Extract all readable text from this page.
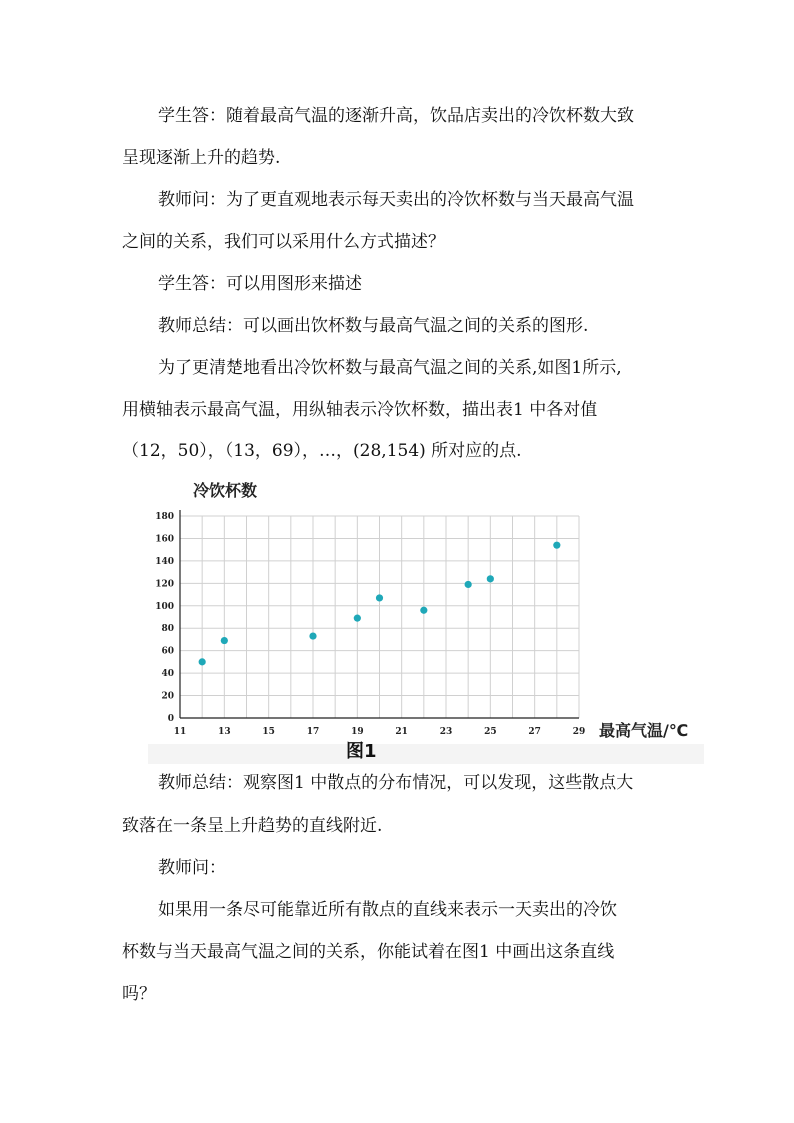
学生答：随着最高气温的逐渐升高，饮品店卖出的冷饮杯数大致
呈现逐渐上升的趋势.
教师问：为了更直观地表示每天卖出的冷饮杯数与当天最高气温
之间的关系，我们可以采用什么方式描述？
学生答：可以用图形来描述
教师总结：可以画出饮杯数与最高气温之间的关系的图形.
为了更清楚地看出冷饮杯数与最高气温之间的关系,如图1所示,
用横轴表示最高气温，用纵轴表示冷饮杯数，描出表1 中各对值
（12，50），（13，69），…，(28,154) 所对应的点.
0
20
40
60
80
100
120
140
160
180
11	13	15	17	19	21	23	25	27	29
冷饮杯数
最高气温/℃
图1
教师总结：观察图1 中散点的分布情况，可以发现，这些散点大
致落在一条呈上升趋势的直线附近.
教师问：
如果用一条尽可能靠近所有散点的直线来表示一天卖出的冷饮
杯数与当天最高气温之间的关系，你能试着在图1 中画出这条直线
吗？
